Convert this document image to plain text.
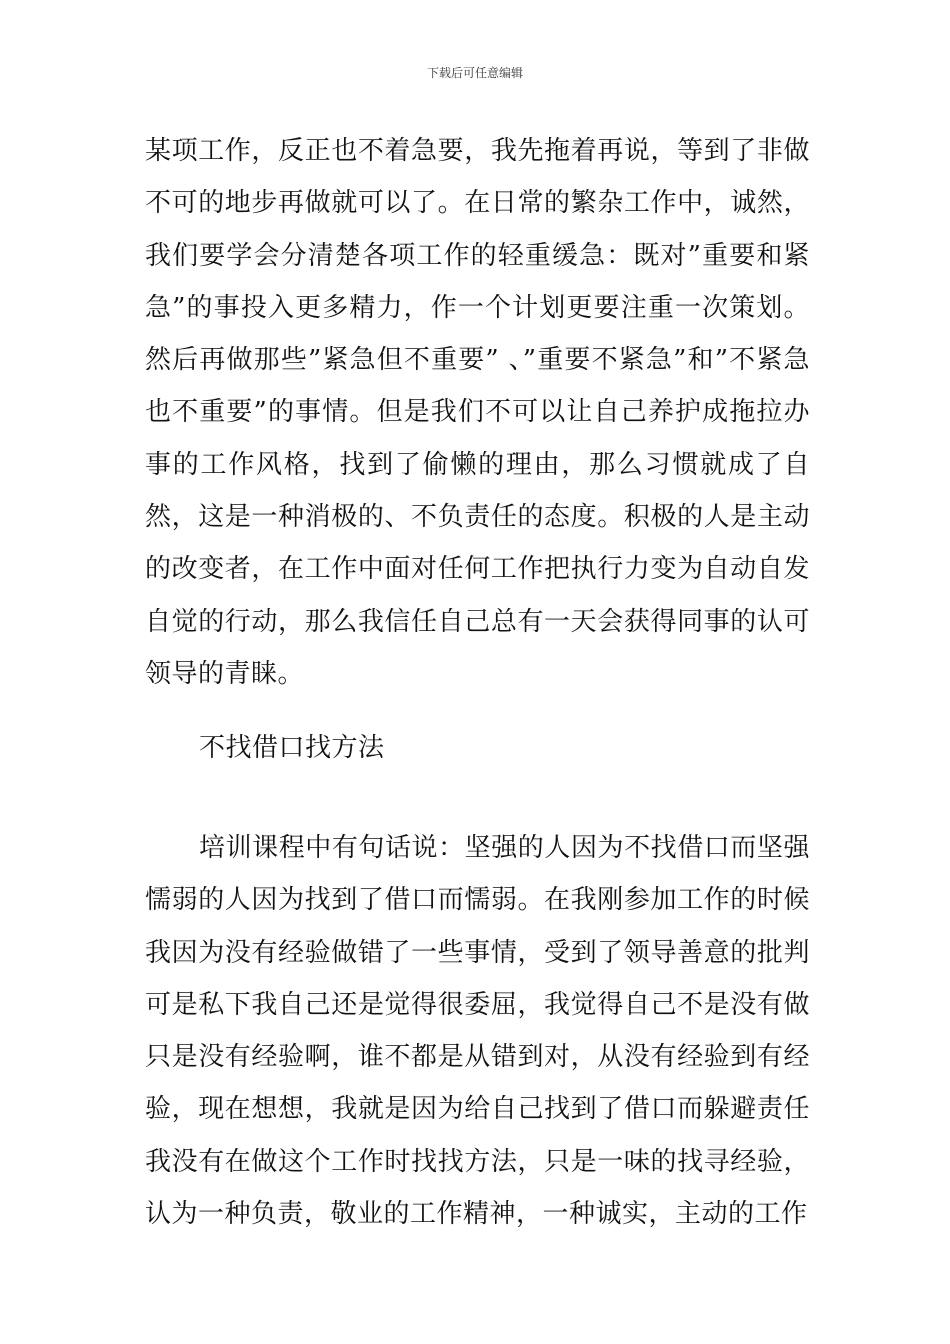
下载后可任意编辑

某项工作，反正也不着急要，我先拖着再说，等到了非做不可的地步再做就可以了。在日常的繁杂工作中，诚然，我们要学会分清楚各项工作的轻重缓急：既对”重要和紧急”的事投入更多精力，作一个计划更要注重一次策划。然后再做那些”紧急但不重要” 、”重要不紧急”和”不紧急也不重要”的事情。但是我们不可以让自己养护成拖拉办事的工作风格，找到了偷懒的理由，那么习惯就成了自然，这是一种消极的、不负责任的态度。积极的人是主动的改变者，在工作中面对任何工作把执行力变为自动自发自觉的行动，那么我信任自己总有一天会获得同事的认可领导的青睐。

不找借口找方法

培训课程中有句话说：坚强的人因为不找借口而坚强懦弱的人因为找到了借口而懦弱。在我刚参加工作的时候我因为没有经验做错了一些事情，受到了领导善意的批判可是私下我自己还是觉得很委屈，我觉得自己不是没有做只是没有经验啊，谁不都是从错到对，从没有经验到有经验，现在想想，我就是因为给自己找到了借口而躲避责任我没有在做这个工作时找找方法，只是一味的找寻经验，认为一种负责，敬业的工作精神，一种诚实，主动的工作
